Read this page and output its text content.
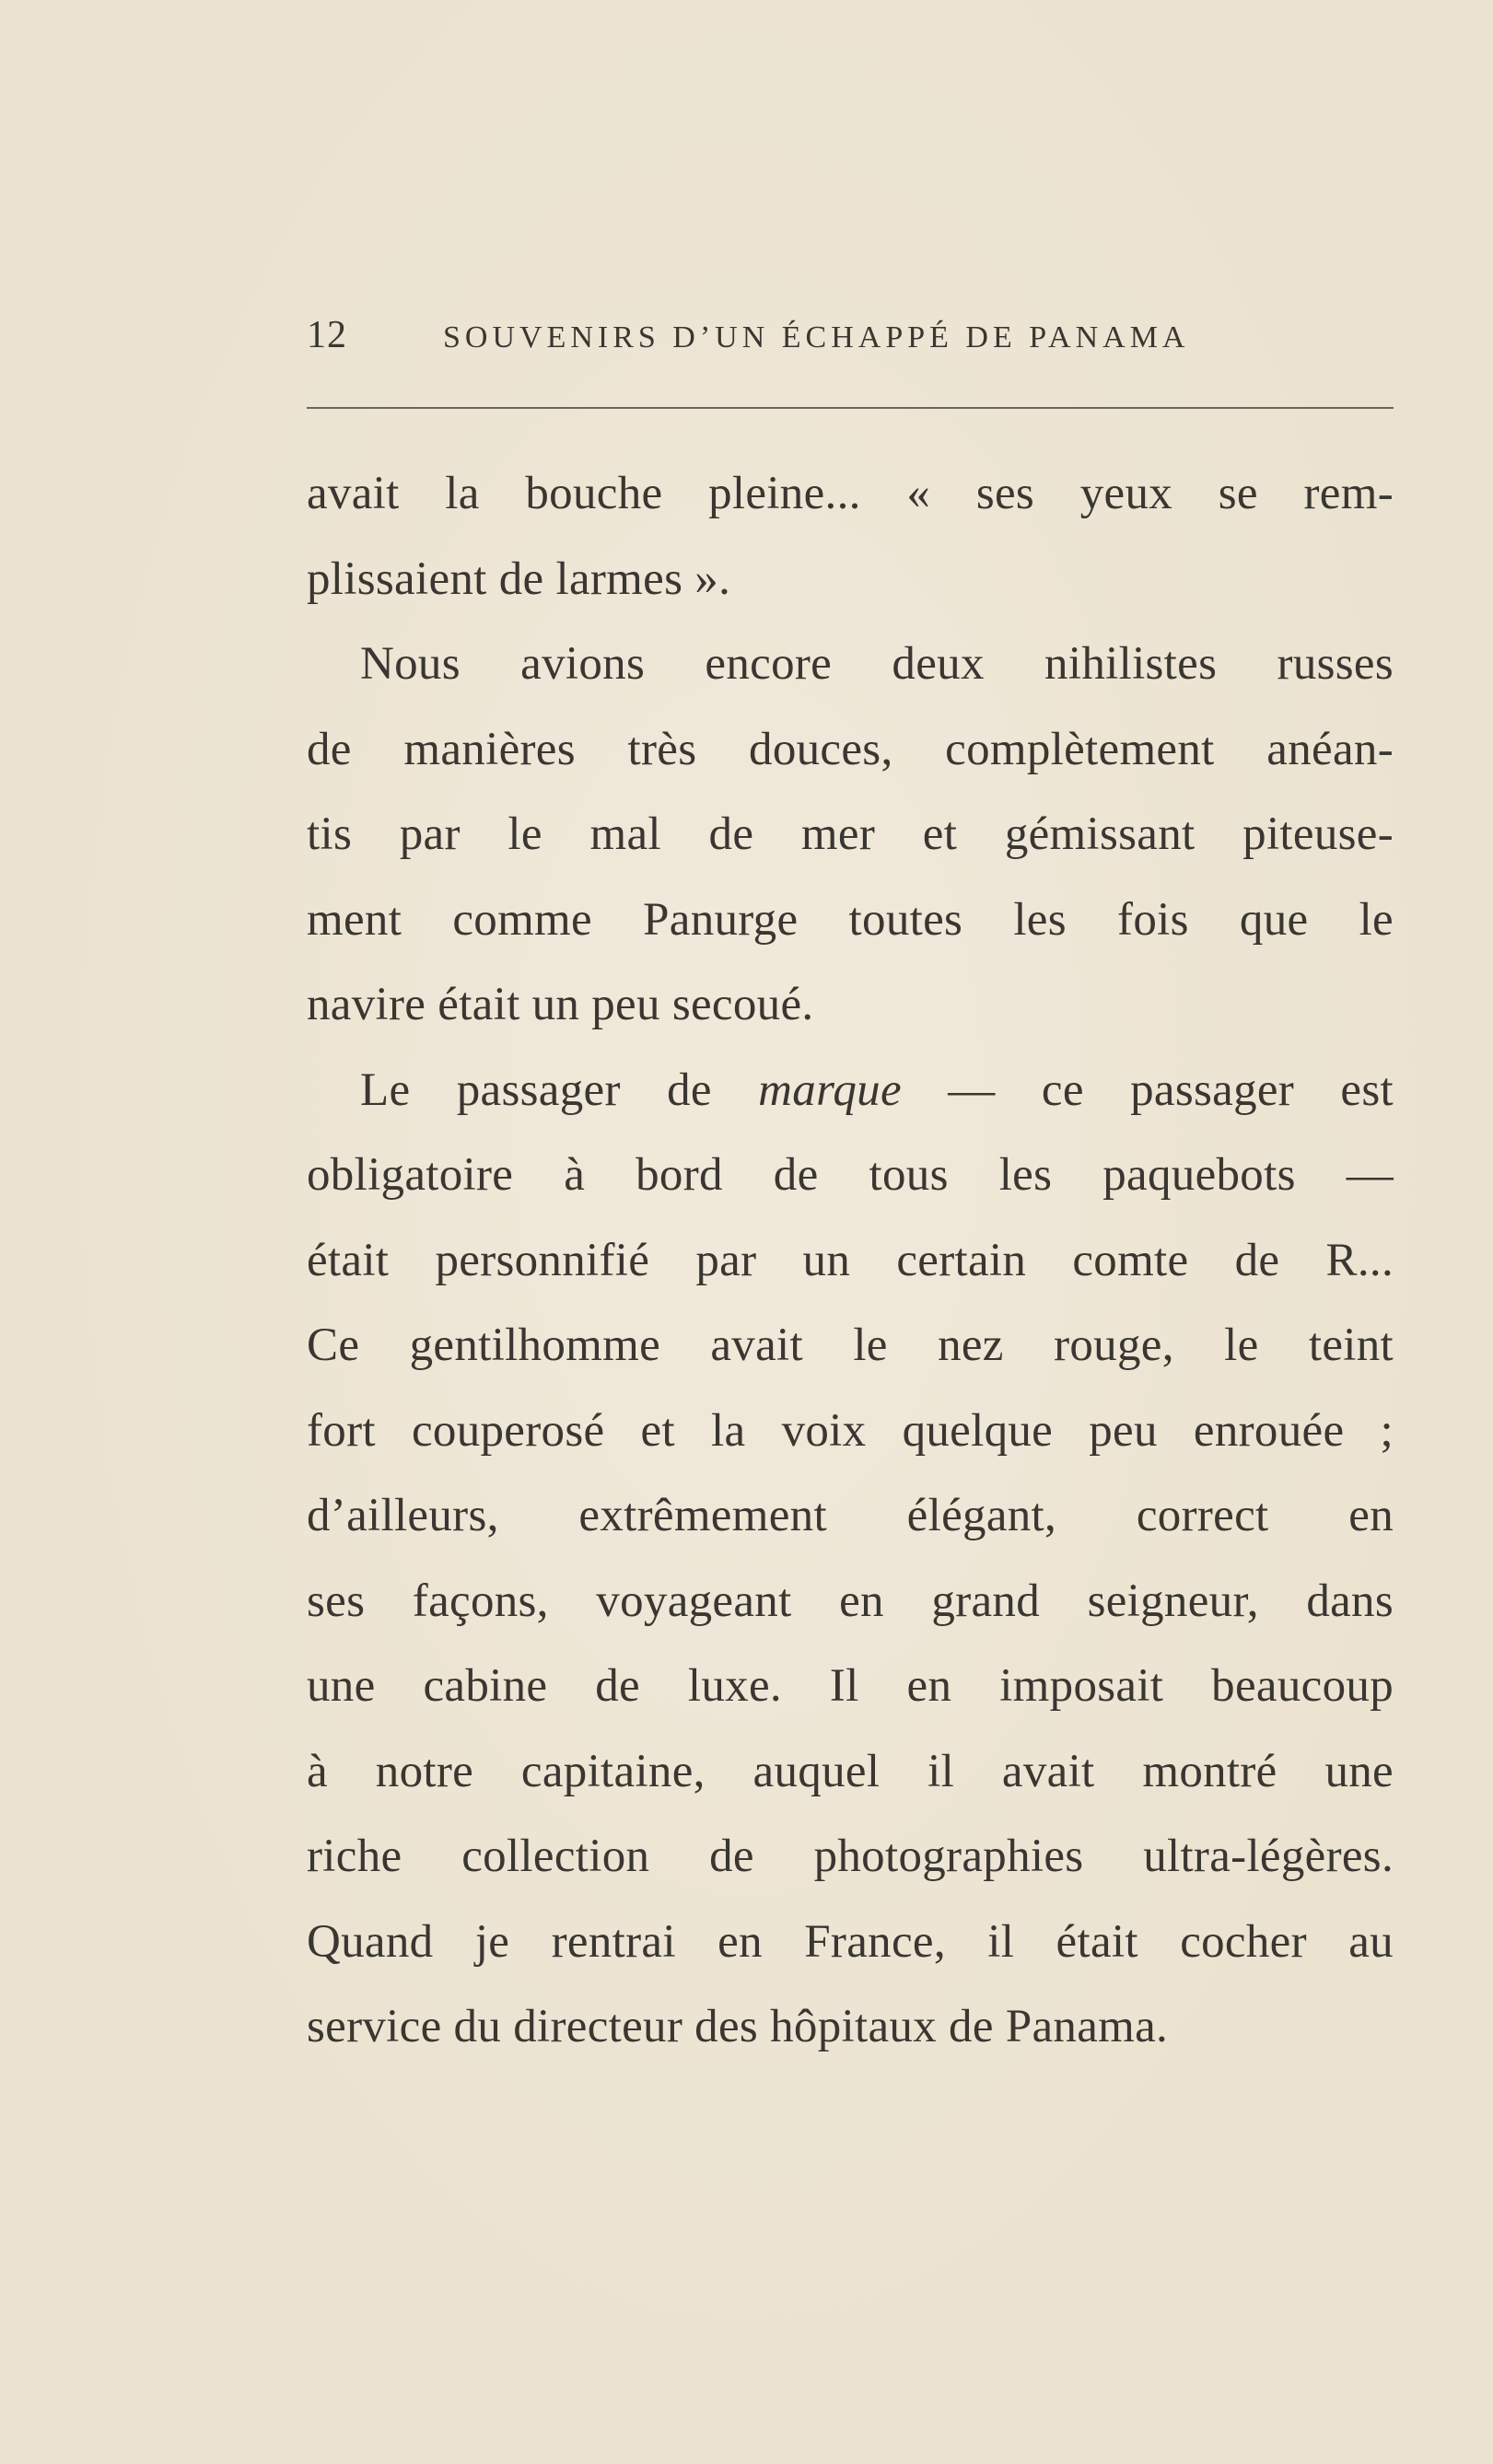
12	SOUVENIRS D’UN ÉCHAPPÉ DE PANAMA
avait la bouche pleine... « ses yeux se rem-
plissaient de larmes ».
Nous avions encore deux nihilistes russes
de manières très douces, complètement anéan-
tis par le mal de mer et gémissant piteuse-
ment comme Panurge toutes les fois que le
navire était un peu secoué.
Le passager de marque — ce passager est
obligatoire à bord de tous les paquebots —
était personnifié par un certain comte de R...
Ce gentilhomme avait le nez rouge, le teint
fort couperosé et la voix quelque peu enrouée ;
d’ailleurs, extrêmement élégant, correct en
ses façons, voyageant en grand seigneur, dans
une cabine de luxe. Il en imposait beaucoup
à notre capitaine, auquel il avait montré une
riche collection de photographies ultra-légères.
Quand je rentrai en France, il était cocher au
service du directeur des hôpitaux de Panama.
